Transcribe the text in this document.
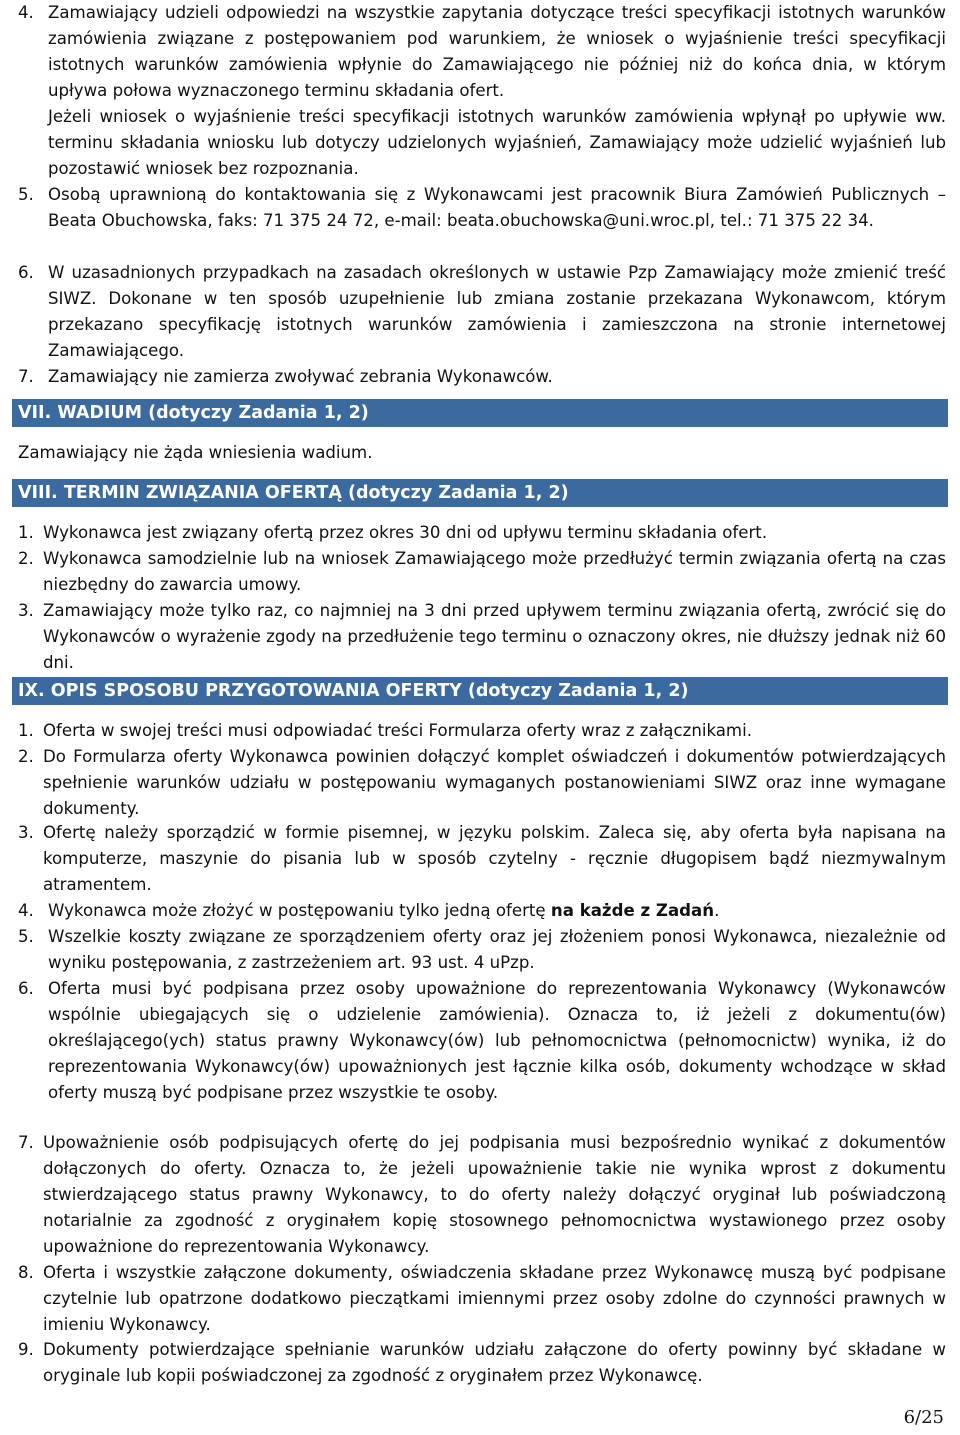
4. Zamawiający udzieli odpowiedzi na wszystkie zapytania dotyczące treści specyfikacji istotnych warunków zamówienia związane z postępowaniem pod warunkiem, że wniosek o wyjaśnienie treści specyfikacji istotnych warunków zamówienia wpłynie do Zamawiającego nie później niż do końca dnia, w którym upływa połowa wyznaczonego terminu składania ofert.
Jeżeli wniosek o wyjaśnienie treści specyfikacji istotnych warunków zamówienia wpłynął po upływie ww. terminu składania wniosku lub dotyczy udzielonych wyjaśnień, Zamawiający może udzielić wyjaśnień lub pozostawić wniosek bez rozpoznania.
5. Osobą uprawnioną do kontaktowania się z Wykonawcami jest pracownik Biura Zamówień Publicznych – Beata Obuchowska, faks: 71 375 24 72, e-mail: beata.obuchowska@uni.wroc.pl, tel.: 71 375 22 34.
6. W uzasadnionych przypadkach na zasadach określonych w ustawie Pzp Zamawiający może zmienić treść SIWZ. Dokonane w ten sposób uzupełnienie lub zmiana zostanie przekazana Wykonawcom, którym przekazano specyfikację istotnych warunków zamówienia i zamieszczona na stronie internetowej Zamawiającego.
7. Zamawiający nie zamierza zwoływać zebrania Wykonawców.
VII. WADIUM (dotyczy Zadania 1, 2)
Zamawiający nie żąda wniesienia wadium.
VIII. TERMIN ZWIĄZANIA OFERTĄ (dotyczy Zadania 1, 2)
1. Wykonawca jest związany ofertą przez okres 30 dni od upływu terminu składania ofert.
2. Wykonawca samodzielnie lub na wniosek Zamawiającego może przedłużyć termin związania ofertą na czas niezbędny do zawarcia umowy.
3. Zamawiający może tylko raz, co najmniej na 3 dni przed upływem terminu związania ofertą, zwrócić się do Wykonawców o wyrażenie zgody na przedłużenie tego terminu o oznaczony okres, nie dłuższy jednak niż 60 dni.
IX. OPIS SPOSOBU PRZYGOTOWANIA OFERTY (dotyczy Zadania 1, 2)
1. Oferta w swojej treści musi odpowiadać treści Formularza oferty wraz z załącznikami.
2. Do Formularza oferty Wykonawca powinien dołączyć komplet oświadczeń i dokumentów potwierdzających spełnienie warunków udziału w postępowaniu wymaganych postanowieniami SIWZ oraz inne wymagane dokumenty.
3. Ofertę należy sporządzić w formie pisemnej, w języku polskim. Zaleca się, aby oferta była napisana na komputerze, maszynie do pisania lub w sposób czytelny - ręcznie długopisem bądź niezmywalnym atramentem.
4. Wykonawca może złożyć w postępowaniu tylko jedną ofertę na każde z Zadań.
5. Wszelkie koszty związane ze sporządzeniem oferty oraz jej złożeniem ponosi Wykonawca, niezależnie od wyniku postępowania, z zastrzeżeniem art. 93 ust. 4 uPzp.
6. Oferta musi być podpisana przez osoby upoważnione do reprezentowania Wykonawcy (Wykonawców wspólnie ubiegających się o udzielenie zamówienia). Oznacza to, iż jeżeli z dokumentu(ów) określającego(ych) status prawny Wykonawcy(ów) lub pełnomocnictwa (pełnomocnictw) wynika, iż do reprezentowania Wykonawcy(ów) upoważnionych jest łącznie kilka osób, dokumenty wchodzące w skład oferty muszą być podpisane przez wszystkie te osoby.
7. Upoważnienie osób podpisujących ofertę do jej podpisania musi bezpośrednio wynikać z dokumentów dołączonych do oferty. Oznacza to, że jeżeli upoważnienie takie nie wynika wprost z dokumentu stwierdzającego status prawny Wykonawcy, to do oferty należy dołączyć oryginał lub poświadczoną notarialnie za zgodność z oryginałem kopię stosownego pełnomocnictwa wystawionego przez osoby upoważnione do reprezentowania Wykonawcy.
8. Oferta i wszystkie załączone dokumenty, oświadczenia składane przez Wykonawcę muszą być podpisane czytelnie lub opatrzone dodatkowo pieczątkami imiennymi przez osoby zdolne do czynności prawnych w imieniu Wykonawcy.
9. Dokumenty potwierdzające spełnianie warunków udziału załączone do oferty powinny być składane w oryginale lub kopii poświadczonej za zgodność z oryginałem przez Wykonawcę.
6/25
